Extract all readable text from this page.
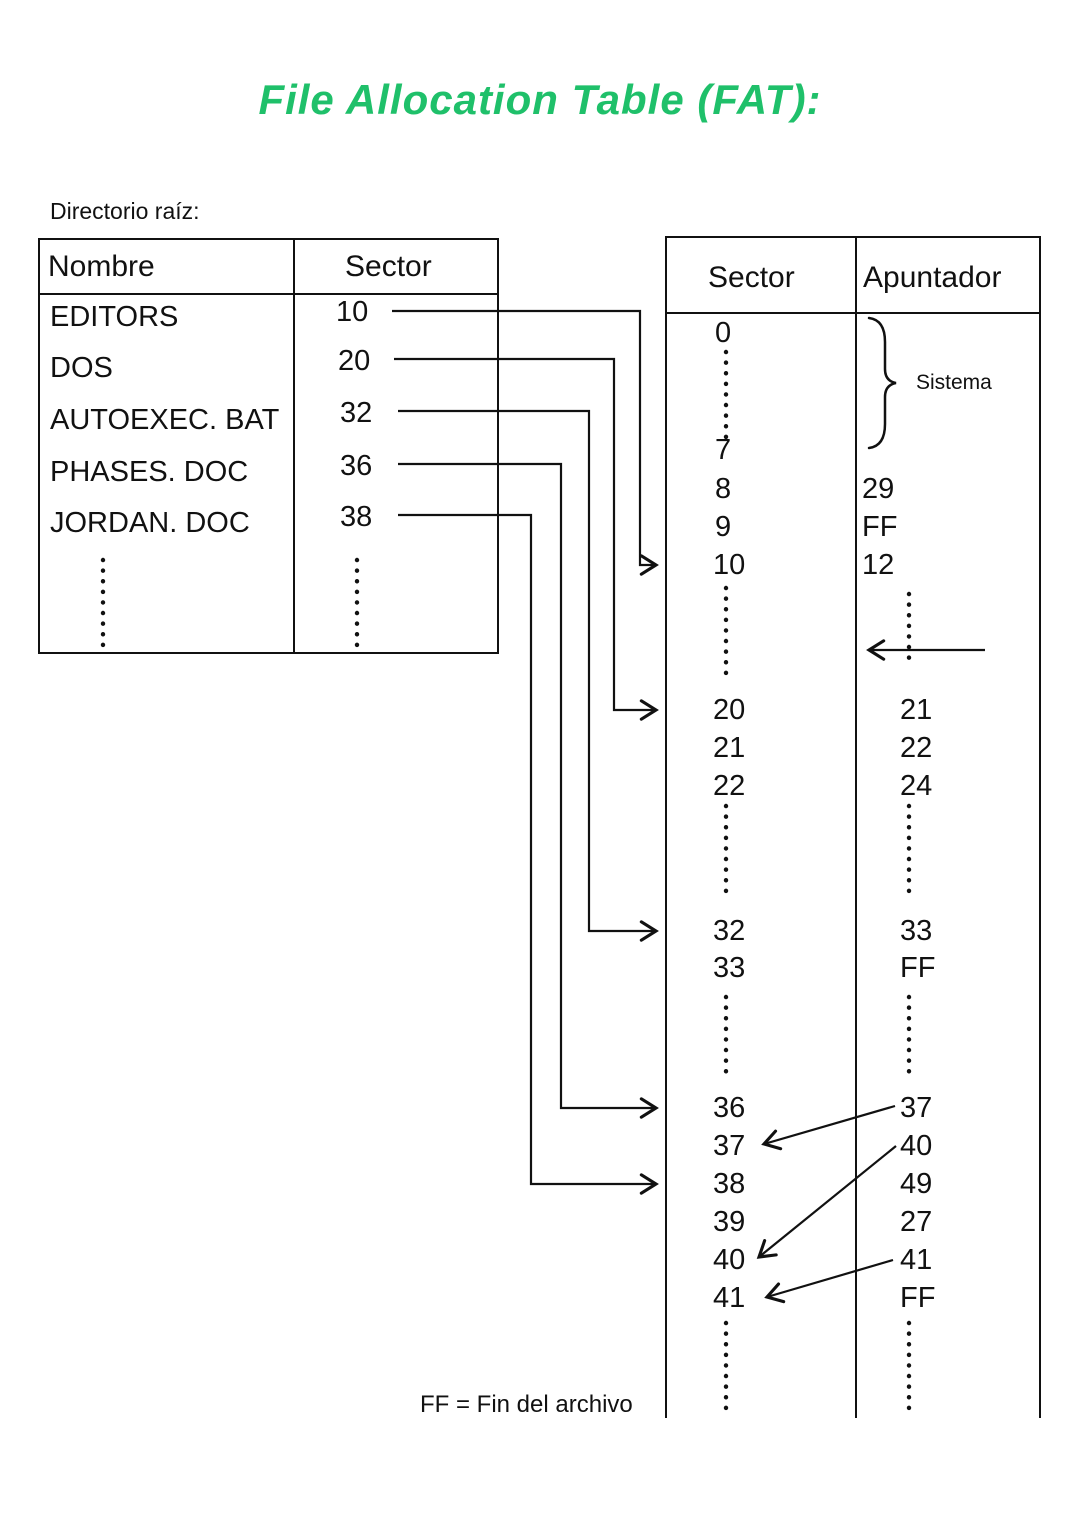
File Allocation Table (FAT):
Directorio raíz:
Nombre	Sector
EDITORS
DOS
AUTOEXEC. BAT
PHASES. DOC
JORDAN. DOC
10
20
32
36
38
Sector Apuntador
0
7
8
9
10
20
21
22
32
33
36
37
38
39
40
41
29
FF
12
21
22
24
33
FF
37
40
49
27
41
FF
Sistema
FF = Fin del archivo
